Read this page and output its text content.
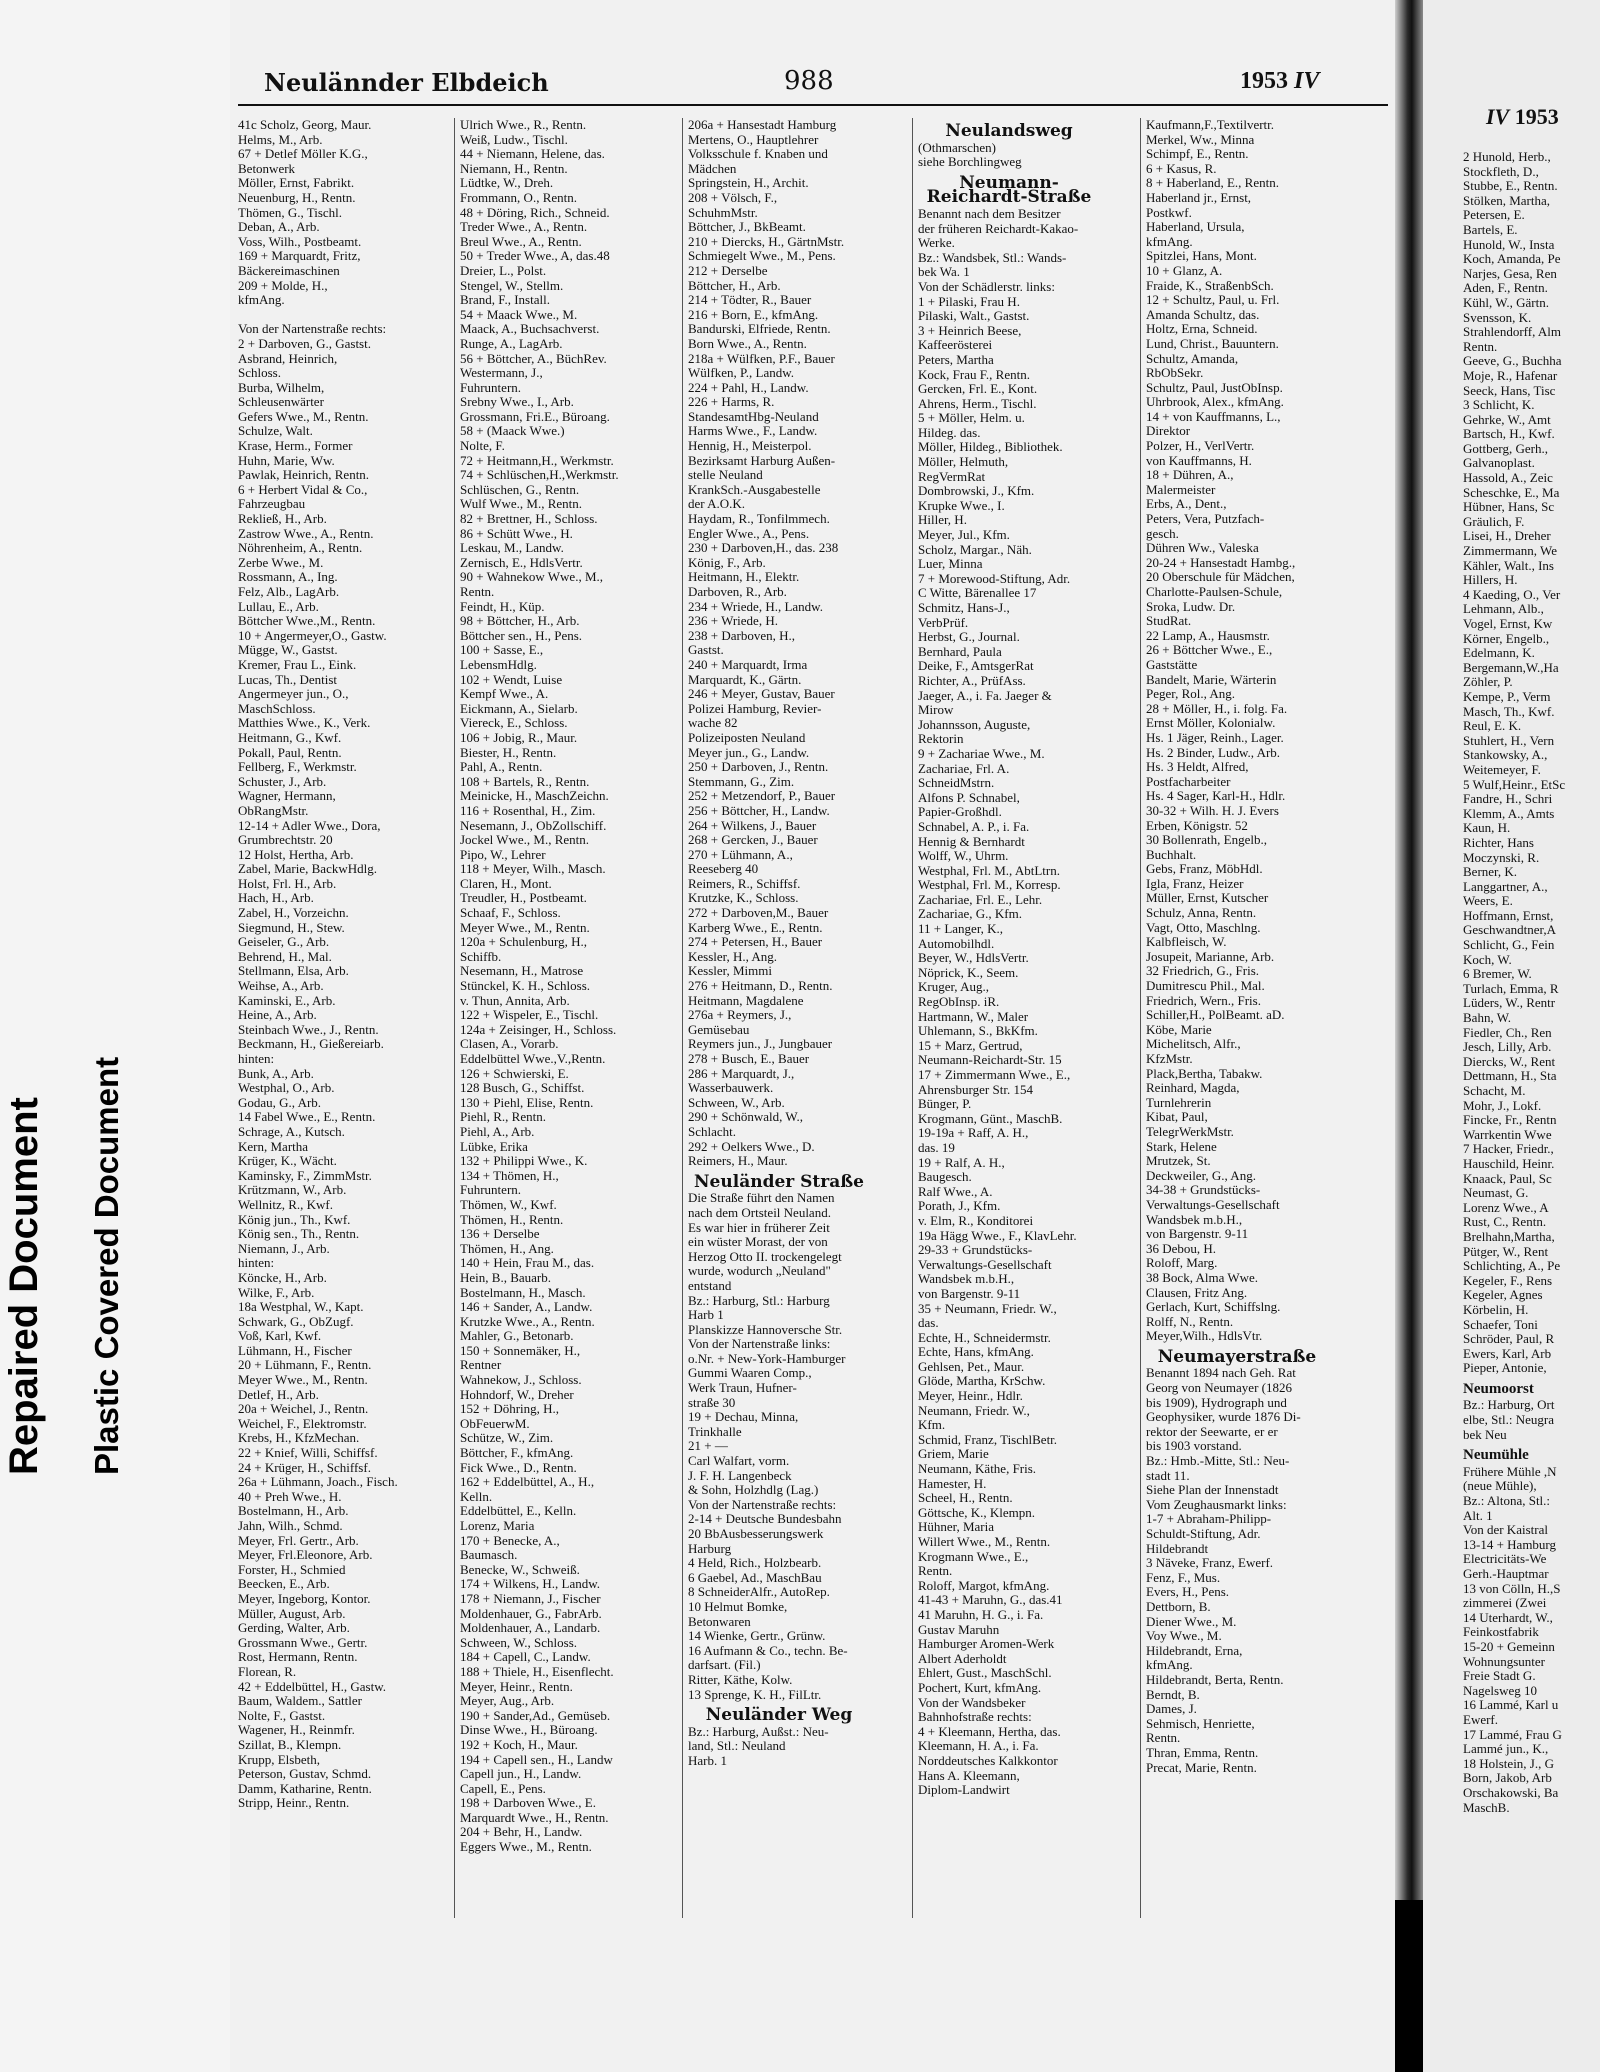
Repaired Document Plastic Covered Document
Neulännder Elbdeich	988	1953 IV
41c Scholz, Georg, Maur.
Helms, M., Arb.
67 + Detlef Möller K.G.,
Betonwerk
Möller, Ernst, Fabrikt.
Neuenburg, H., Rentn.
Thömen, G., Tischl.
Deban, A., Arb.
Voss, Wilh., Postbeamt.
169 + Marquardt, Fritz,
Bäckereimaschinen
209 + Molde, H.,
kfmAng.

Von der Nartenstraße rechts:
2 + Darboven, G., Gastst.
Asbrand, Heinrich,
Schloss.
Burba, Wilhelm,
Schleusenwärter
Gefers Wwe., M., Rentn.
Schulze, Walt.
Krase, Herm., Former
Huhn, Marie, Ww.
Pawlak, Heinrich, Rentn.
6 + Herbert Vidal & Co.,
Fahrzeugbau
Rekließ, H., Arb.
Zastrow Wwe., A., Rentn.
Nöhrenheim, A., Rentn.
Zerbe Wwe., M.
Rossmann, A., Ing.
Felz, Alb., LagArb.
Lullau, E., Arb.
Böttcher Wwe.,M., Rentn.
10 + Angermeyer,O., Gastw.
Mügge, W., Gastst.
Kremer, Frau L., Eink.
Lucas, Th., Dentist
Angermeyer jun., O.,
MaschSchloss.
Matthies Wwe., K., Verk.
Heitmann, G., Kwf.
Pokall, Paul, Rentn.
Fellberg, F., Werkmstr.
Schuster, J., Arb.
Wagner, Hermann,
ObRangMstr.
12-14 + Adler Wwe., Dora,
Grumbrechtstr. 20
12 Holst, Hertha, Arb.
Zabel, Marie, BackwHdlg.
Holst, Frl. H., Arb.
Hach, H., Arb.
Zabel, H., Vorzeichn.
Siegmund, H., Stew.
Geiseler, G., Arb.
Behrend, H., Mal.
Stellmann, Elsa, Arb.
Weihse, A., Arb.
Kaminski, E., Arb.
Heine, A., Arb.
Steinbach Wwe., J., Rentn.
Beckmann, H., Gießereiarb.
hinten:
Bunk, A., Arb.
Westphal, O., Arb.
Godau, G., Arb.
14 Fabel Wwe., E., Rentn.
Schrage, A., Kutsch.
Kern, Martha
Krüger, K., Wächt.
Kaminsky, F., ZimmMstr.
Krützmann, W., Arb.
Wellnitz, R., Kwf.
König jun., Th., Kwf.
König sen., Th., Rentn.
Niemann, J., Arb.
hinten:
Köncke, H., Arb.
Wilke, F., Arb.
18a Westphal, W., Kapt.
Schwark, G., ObZugf.
Voß, Karl, Kwf.
Lühmann, H., Fischer
20 + Lühmann, F., Rentn.
Meyer Wwe., M., Rentn.
Detlef, H., Arb.
20a + Weichel, J., Rentn.
Weichel, F., Elektromstr.
Krebs, H., KfzMechan.
22 + Knief, Willi, Schiffsf.
24 + Krüger, H., Schiffsf.
26a + Lühmann, Joach., Fisch.
40 + Preh Wwe., H.
Bostelmann, H., Arb.
Jahn, Wilh., Schmd.
Meyer, Frl. Gertr., Arb.
Meyer, Frl.Eleonore, Arb.
Forster, H., Schmied
Beecken, E., Arb.
Meyer, Ingeborg, Kontor.
Müller, August, Arb.
Gerding, Walter, Arb.
Grossmann Wwe., Gertr.
Rost, Hermann, Rentn.
Florean, R.
42 + Eddelbüttel, H., Gastw.
Baum, Waldem., Sattler
Nolte, F., Gastst.
Wagener, H., Reinmfr.
Szillat, B., Klempn.
Krupp, Elsbeth,
Peterson, Gustav, Schmd.
Damm, Katharine, Rentn.
Stripp, Heinr., Rentn.
Ulrich Wwe., R., Rentn.
Weiß, Ludw., Tischl.
44 + Niemann, Helene, das.
Niemann, H., Rentn.
Lüdtke, W., Dreh.
Frommann, O., Rentn.
48 + Döring, Rich., Schneid.
Treder Wwe., A., Rentn.
Breul Wwe., A., Rentn.
50 + Treder Wwe., A, das.48
Dreier, L., Polst.
Stengel, W., Stellm.
Brand, F., Install.
54 + Maack Wwe., M.
Maack, A., Buchsachverst.
Runge, A., LagArb.
56 + Böttcher, A., BüchRev.
Westermann, J.,
Fuhruntern.
Srebny Wwe., I., Arb.
Grossmann, Fri.E., Büroang.
58 + (Maack Wwe.)
Nolte, F.
72 + Heitmann,H., Werkmstr.
74 + Schlüschen,H.,Werkmstr.
Schlüschen, G., Rentn.
Wulf Wwe., M., Rentn.
82 + Brettner, H., Schloss.
86 + Schütt Wwe., H.
Leskau, M., Landw.
Zernisch, E., HdlsVertr.
90 + Wahnekow Wwe., M.,
Rentn.
Feindt, H., Küp.
98 + Böttcher, H., Arb.
Böttcher sen., H., Pens.
100 + Sasse, E.,
LebensmHdlg.
102 + Wendt, Luise
Kempf Wwe., A.
Eickmann, A., Sielarb.
Viereck, E., Schloss.
106 + Jobig, R., Maur.
Biester, H., Rentn.
Pahl, A., Rentn.
108 + Bartels, R., Rentn.
Meinicke, H., MaschZeichn.
116 + Rosenthal, H., Zim.
Nesemann, J., ObZollschiff.
Jockel Wwe., M., Rentn.
Pipo, W., Lehrer
118 + Meyer, Wilh., Masch.
Claren, H., Mont.
Treudler, H., Postbeamt.
Schaaf, F., Schloss.
Meyer Wwe., M., Rentn.
120a + Schulenburg, H.,
Schiffb.
Nesemann, H., Matrose
Stünckel, K. H., Schloss.
v. Thun, Annita, Arb.
122 + Wispeler, E., Tischl.
124a + Zeisinger, H., Schloss.
Clasen, A., Vorarb.
Eddelbüttel Wwe.,V.,Rentn.
126 + Schwierski, E.
128 Busch, G., Schiffst.
130 + Piehl, Elise, Rentn.
Piehl, R., Rentn.
Piehl, A., Arb.
Lübke, Erika
132 + Philippi Wwe., K.
134 + Thömen, H.,
Fuhruntern.
Thömen, W., Kwf.
Thömen, H., Rentn.
136 + Derselbe
Thömen, H., Ang.
140 + Hein, Frau M., das.
Hein, B., Bauarb.
Bostelmann, H., Masch.
146 + Sander, A., Landw.
Krutzke Wwe., A., Rentn.
Mahler, G., Betonarb.
150 + Sonnemäker, H.,
Rentner
Wahnekow, J., Schloss.
Hohndorf, W., Dreher
152 + Döhring, H.,
ObFeuerwM.
Schütze, W., Zim.
Böttcher, F., kfmAng.
Fick Wwe., D., Rentn.
162 + Eddelbüttel, A., H.,
Kelln.
Eddelbüttel, E., Kelln.
Lorenz, Maria
170 + Benecke, A.,
Baumasch.
Benecke, W., Schweiß.
174 + Wilkens, H., Landw.
178 + Niemann, J., Fischer
Moldenhauer, G., FabrArb.
Moldenhauer, A., Landarb.
Schween, W., Schloss.
184 + Capell, C., Landw.
188 + Thiele, H., Eisenflecht.
Meyer, Heinr., Rentn.
Meyer, Aug., Arb.
190 + Sander,Ad., Gemüseb.
Dinse Wwe., H., Büroang.
192 + Koch, H., Maur.
194 + Capell sen., H., Landw
Capell jun., H., Landw.
Capell, E., Pens.
198 + Darboven Wwe., E.
Marquardt Wwe., H., Rentn.
204 + Behr, H., Landw.
Eggers Wwe., M., Rentn.
206a + Hansestadt Hamburg
Mertens, O., Hauptlehrer
Volksschule f. Knaben und
Mädchen
Springstein, H., Archit.
208 + Völsch, F.,
SchuhmMstr.
Böttcher, J., BkBeamt.
210 + Diercks, H., GärtnMstr.
Schmiegelt Wwe., M., Pens.
212 + Derselbe
Böttcher, H., Arb.
214 + Tödter, R., Bauer
216 + Born, E., kfmAng.
Bandurski, Elfriede, Rentn.
Born Wwe., A., Rentn.
218a + Wülfken, P.F., Bauer
Wülfken, P., Landw.
224 + Pahl, H., Landw.
226 + Harms, R.
StandesamtHbg-Neuland
Harms Wwe., F., Landw.
Hennig, H., Meisterpol.
Bezirksamt Harburg Außen-
stelle Neuland
KrankSch.-Ausgabestelle
der A.O.K.
Haydam, R., Tonfilmmech.
Engler Wwe., A., Pens.
230 + Darboven,H., das. 238
König, F., Arb.
Heitmann, H., Elektr.
Darboven, R., Arb.
234 + Wriede, H., Landw.
236 + Wriede, H.
238 + Darboven, H.,
Gastst.
240 + Marquardt, Irma
Marquardt, K., Gärtn.
246 + Meyer, Gustav, Bauer
Polizei Hamburg, Revier-
wache 82
Polizeiposten Neuland
Meyer jun., G., Landw.
250 + Darboven, J., Rentn.
Stemmann, G., Zim.
252 + Metzendorf, P., Bauer
256 + Böttcher, H., Landw.
264 + Wilkens, J., Bauer
268 + Gercken, J., Bauer
270 + Lühmann, A.,
Reeseberg 40
Reimers, R., Schiffsf.
Krutzke, K., Schloss.
272 + Darboven,M., Bauer
Karberg Wwe., E., Rentn.
274 + Petersen, H., Bauer
Kessler, H., Ang.
Kessler, Mimmi
276 + Heitmann, D., Rentn.
Heitmann, Magdalene
276a + Reymers, J.,
Gemüsebau
Reymers jun., J., Jungbauer
278 + Busch, E., Bauer
286 + Marquardt, J.,
Wasserbauwerk.
Schween, W., Arb.
290 + Schönwald, W.,
Schlacht.
292 + Oelkers Wwe., D.
Reimers, H., Maur.
Neuländer Straße
Die Straße führt den Namen
nach dem Ortsteil Neuland.
Es war hier in früherer Zeit
ein wüster Morast, der von
Herzog Otto II. trockengelegt
wurde, wodurch „Neuland"
entstand
Bz.: Harburg, Stl.: Harburg
Harb 1
Planskizze Hannoversche Str.
Von der Nartenstraße links:
o.Nr. + New-York-Hamburger
Gummi Waaren Comp.,
Werk Traun, Hufner-
straße 30
19 + Dechau, Minna,
Trinkhalle
21 + —
Carl Walfart, vorm.
J. F. H. Langenbeck
& Sohn, Holzhdlg (Lag.)
Von der Nartenstraße rechts:
2-14 + Deutsche Bundesbahn
20 BbAusbesserungswerk
Harburg
4 Held, Rich., Holzbearb.
6 Gaebel, Ad., MaschBau
8 SchneiderAlfr., AutoRep.
10 Helmut Bomke,
Betonwaren
14 Wienke, Gertr., Grünw.
16 Aufmann & Co., techn. Be-
darfsart. (Fil.)
Ritter, Käthe, Kolw.
13 Sprenge, K. H., FilLtr.
Neuländer Weg
Bz.: Harburg, Außst.: Neu-
land, Stl.: Neuland
Harb. 1
Neulandsweg
(Othmarschen)
siehe Borchlingweg
Neumann-Reichardt-Straße
Benannt nach dem Besitzer
der früheren Reichardt-Kakao-
Werke.
Bz.: Wandsbek, Stl.: Wands-
bek Wa. 1
Von der Schädlerstr. links:
1 + Pilaski, Frau H.
Pilaski, Walt., Gastst.
3 + Heinrich Beese,
Kaffeerösterei
Peters, Martha
Kock, Frau F., Rentn.
Gercken, Frl. E., Kont.
Ahrens, Herm., Tischl.
5 + Möller, Helm. u.
Hildeg. das.
Möller, Hildeg., Bibliothek.
Möller, Helmuth,
RegVermRat
Dombrowski, J., Kfm.
Krupke Wwe., I.
Hiller, H.
Meyer, Jul., Kfm.
Scholz, Margar., Näh.
Luer, Minna
7 + Morewood-Stiftung, Adr.
C Witte, Bärenallee 17
Schmitz, Hans-J.,
VerbPrüf.
Herbst, G., Journal.
Bernhard, Paula
Deike, F., AmtsgerRat
Richter, A., PrüfAss.
Jaeger, A., i. Fa. Jaeger &
Mirow
Johannsson, Auguste,
Rektorin
9 + Zachariae Wwe., M.
Zachariae, Frl. A.
SchneidMstrn.
Alfons P. Schnabel,
Papier-Großhdl.
Schnabel, A. P., i. Fa.
Hennig & Bernhardt
Wolff, W., Uhrm.
Westphal, Frl. M., AbtLtrn.
Westphal, Frl. M., Korresp.
Zachariae, Frl. E., Lehr.
Zachariae, G., Kfm.
11 + Langer, K.,
Automobilhdl.
Beyer, W., HdlsVertr.
Nöprick, K., Seem.
Kruger, Aug.,
RegObInsp. iR.
Hartmann, W., Maler
Uhlemann, S., BkKfm.
15 + Marz, Gertrud,
Neumann-Reichardt-Str. 15
17 + Zimmermann Wwe., E.,
Ahrensburger Str. 154
Bünger, P.
Krogmann, Günt., MaschB.
19-19a + Raff, A. H.,
das. 19
19 + Ralf, A. H.,
Baugesch.
Ralf Wwe., A.
Porath, J., Kfm.
v. Elm, R., Konditorei
19a Hägg Wwe., F., KlavLehr.
29-33 + Grundstücks-
Verwaltungs-Gesellschaft
Wandsbek m.b.H.,
von Bargenstr. 9-11
35 + Neumann, Friedr. W.,
das.
Echte, H., Schneidermstr.
Echte, Hans, kfmAng.
Gehlsen, Pet., Maur.
Glöde, Martha, KrSchw.
Meyer, Heinr., Hdlr.
Neumann, Friedr. W.,
Kfm.
Schmid, Franz, TischlBetr.
Griem, Marie
Neumann, Käthe, Fris.
Hamester, H.
Scheel, H., Rentn.
Göttsche, K., Klempn.
Hühner, Maria
Willert Wwe., M., Rentn.
Krogmann Wwe., E.,
Rentn.
Roloff, Margot, kfmAng.
41-43 + Maruhn, G., das.41
41 Maruhn, H. G., i. Fa.
Gustav Maruhn
Hamburger Aromen-Werk
Albert Aderholdt
Ehlert, Gust., MaschSchl.
Pochert, Kurt, kfmAng.
Von der Wandsbeker
Bahnhofstraße rechts:
4 + Kleemann, Hertha, das.
Kleemann, H. A., i. Fa.
Norddeutsches Kalkkontor
Hans A. Kleemann,
Diplom-Landwirt
Kaufmann,F.,Textilvertr.
Merkel, Ww., Minna
Schimpf, E., Rentn.
6 + Kasus, R.
8 + Haberland, E., Rentn.
Haberland jr., Ernst,
Postkwf.
Haberland, Ursula,
kfmAng.
Spitzlei, Hans, Mont.
10 + Glanz, A.
Fraide, K., StraßenbSch.
12 + Schultz, Paul, u. Frl.
Amanda Schultz, das.
Holtz, Erna, Schneid.
Lund, Christ., Bauuntern.
Schultz, Amanda,
RbObSekr.
Schultz, Paul, JustObInsp.
Uhrbrook, Alex., kfmAng.
14 + von Kauffmanns, L.,
Direktor
Polzer, H., VerlVertr.
von Kauffmanns, H.
18 + Dühren, A.,
Malermeister
Erbs, A., Dent.,
Peters, Vera, Putzfach-
gesch.
Dühren Ww., Valeska
20-24 + Hansestadt Hambg.,
20 Oberschule für Mädchen,
Charlotte-Paulsen-Schule,
Sroka, Ludw. Dr.
StudRat.
22 Lamp, A., Hausmstr.
26 + Böttcher Wwe., E.,
Gaststätte
Bandelt, Marie, Wärterin
Peger, Rol., Ang.
28 + Möller, H., i. folg. Fa.
Ernst Möller, Kolonialw.
Hs. 1 Jäger, Reinh., Lager.
Hs. 2 Binder, Ludw., Arb.
Hs. 3 Heldt, Alfred,
Postfacharbeiter
Hs. 4 Sager, Karl-H., Hdlr.
30-32 + Wilh. H. J. Evers
Erben, Königstr. 52
30 Bollenrath, Engelb.,
Buchhalt.
Gebs, Franz, MöbHdl.
Igla, Franz, Heizer
Müller, Ernst, Kutscher
Schulz, Anna, Rentn.
Vagt, Otto, Maschlng.
Kalbfleisch, W.
Josupeit, Marianne, Arb.
32 Friedrich, G., Fris.
Dumitrescu Phil., Mal.
Friedrich, Wern., Fris.
Schiller,H., PolBeamt. aD.
Köbe, Marie
Michelitsch, Alfr.,
KfzMstr.
Plack,Bertha, Tabakw.
Reinhard, Magda,
Turnlehrerin
Kibat, Paul,
TelegrWerkMstr.
Stark, Helene
Mrutzek, St.
Deckweiler, G., Ang.
34-38 + Grundstücks-
Verwaltungs-Gesellschaft
Wandsbek m.b.H.,
von Bargenstr. 9-11
36 Debou, H.
Roloff, Marg.
38 Bock, Alma Wwe.
Clausen, Fritz Ang.
Gerlach, Kurt, Schiffslng.
Rolff, N., Rentn.
Meyer,Wilh., HdlsVtr.
Neumayerstraße
Benannt 1894 nach Geh. Rat
Georg von Neumayer (1826
bis 1909), Hydrograph und
Geophysiker, wurde 1876 Di-
rektor der Seewarte, er er
bis 1903 vorstand.
Bz.: Hmb.-Mitte, Stl.: Neu-
stadt 11.
Siehe Plan der Innenstadt
Vom Zeughausmarkt links:
1-7 + Abraham-Philipp-
Schuldt-Stiftung, Adr.
Hildebrandt
3 Näveke, Franz, Ewerf.
Fenz, F., Mus.
Evers, H., Pens.
Dettborn, B.
Diener Wwe., M.
Voy Wwe., M.
Hildebrandt, Erna,
kfmAng.
Hildebrandt, Berta, Rentn.
Berndt, B.
Dames, J.
Sehmisch, Henriette,
Rentn.
Thran, Emma, Rentn.
Precat, Marie, Rentn.
IV 1953
2 Hunold, Herb.,
Stockfleth, D.,
Stubbe, E., Rentn.
Stölken, Martha,
Petersen, E.
Bartels, E.
Hunold, W., Insta
Koch, Amanda, Pe
Narjes, Gesa, Ren
Aden, F., Rentn.
Kühl, W., Gärtn.
Svensson, K.
Strahlendorff, Alm
Rentn.
Geeve, G., Buchha
Moje, R., Hafenar
Seeck, Hans, Tisc
3 Schlicht, K.
Gehrke, W., Amt
Bartsch, H., Kwf.
Gottberg, Gerh.,
Galvanoplast.
Hassold, A., Zeic
Scheschke, E., Ma
Hübner, Hans, Sc
Gräulich, F.
Lisei, H., Dreher
Zimmermann, We
Kähler, Walt., Ins
Hillers, H.
4 Kaeding, O., Ver
Lehmann, Alb.,
Vogel, Ernst, Kw
Körner, Engelb.,
Edelmann, K.
Bergemann,W.,Ha
Zöhler, P.
Kempe, P., Verm
Masch, Th., Kwf.
Reul, E. K.
Stuhlert, H., Vern
Stankowsky, A.,
Weitemeyer, F.
5 Wulf,Heinr., EtSc
Fandre, H., Schri
Klemm, A., Amts
Kaun, H.
Richter, Hans
Moczynski, R.
Berner, K.
Langgartner, A.,
Weers, E.
Hoffmann, Ernst,
Geschwandtner,A
Schlicht, G., Fein
Koch, W.
6 Bremer, W.
Turlach, Emma, R
Lüders, W., Rentr
Bahn, W.
Fiedler, Ch., Ren
Jesch, Lilly, Arb.
Diercks, W., Rent
Dettmann, H., Sta
Schacht, M.
Mohr, J., Lokf.
Fincke, Fr., Rentn
Warrkentin Wwe
7 Hacker, Friedr.,
Hauschild, Heinr.
Knaack, Paul, Sc
Neumast, G.
Lorenz Wwe., A
Rust, C., Rentn.
Brelhahn,Martha,
Pütger, W., Rent
Schlichting, A., Pe
Kegeler, F., Rens
Kegeler, Agnes
Körbelin, H.
Schaefer, Toni
Schröder, Paul, R
Ewers, Karl, Arb
Pieper, Antonie,
Neumoorst
Bz.: Harburg, Ort
elbe, Stl.: Neugra
bek Neu
Neumühle
Frühere Mühle ,N
(neue Mühle),
Bz.: Altona, Stl.:
Alt. 1
Von der Kaistral
13-14 + Hamburg
Electricitäts-We
Gerh.-Hauptmar
13 von Cölln, H.,S
zimmerei (Zwei
14 Uterhardt, W.,
Feinkostfabrik
15-20 + Gemeinn
Wohnungsunter
Freie Stadt G.
Nagelsweg 10
16 Lammé, Karl u
Ewerf.
17 Lammé, Frau G
Lammé jun., K.,
18 Holstein, J., G
Born, Jakob, Arb
Orschakowski, Ba
MaschB.
